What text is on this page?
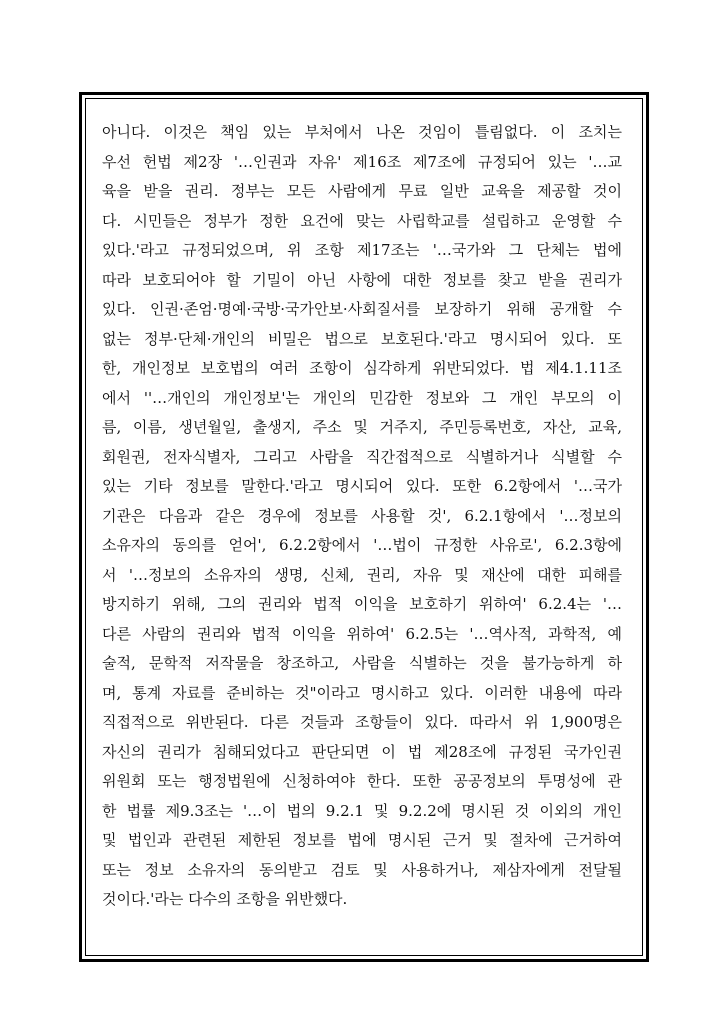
아니다. 이것은 책임 있는 부처에서 나온 것임이 틀림없다. 이 조치는
우선 헌법 제2장 '…인권과 자유' 제16조 제7조에 규정되어 있는 '…교
육을 받을 권리. 정부는 모든 사람에게 무료 일반 교육을 제공할 것이
다. 시민들은 정부가 정한 요건에 맞는 사립학교를 설립하고 운영할 수
있다.'라고 규정되었으며, 위 조항 제17조는 '…국가와 그 단체는 법에
따라 보호되어야 할 기밀이 아닌 사항에 대한 정보를 찾고 받을 권리가
있다. 인권·존엄·명예·국방·국가안보·사회질서를 보장하기 위해 공개할 수
없는 정부·단체·개인의 비밀은 법으로 보호된다.'라고 명시되어 있다. 또
한, 개인정보 보호법의 여러 조항이 심각하게 위반되었다. 법 제4.1.11조
에서 ''…개인의 개인정보'는 개인의 민감한 정보와 그 개인 부모의 이
름, 이름, 생년월일, 출생지, 주소 및 거주지, 주민등록번호, 자산, 교육,
회원권, 전자식별자, 그리고 사람을 직간접적으로 식별하거나 식별할 수
있는 기타 정보를 말한다.'라고 명시되어 있다. 또한 6.2항에서 '…국가
기관은 다음과 같은 경우에 정보를 사용할 것', 6.2.1항에서 '…정보의
소유자의 동의를 얻어', 6.2.2항에서 '…법이 규정한 사유로', 6.2.3항에
서 '…정보의 소유자의 생명, 신체, 권리, 자유 및 재산에 대한 피해를
방지하기 위해, 그의 권리와 법적 이익을 보호하기 위하여' 6.2.4는 '…
다른 사람의 권리와 법적 이익을 위하여' 6.2.5는 '…역사적, 과학적, 예
술적, 문학적 저작물을 창조하고, 사람을 식별하는 것을 불가능하게 하
며, 통계 자료를 준비하는 것"이라고 명시하고 있다. 이러한 내용에 따라
직접적으로 위반된다. 다른 것들과 조항들이 있다. 따라서 위 1,900명은
자신의 권리가 침해되었다고 판단되면 이 법 제28조에 규정된 국가인권
위원회 또는 행정법원에 신청하여야 한다. 또한 공공정보의 투명성에 관
한 법률 제9.3조는 '…이 법의 9.2.1 및 9.2.2에 명시된 것 이외의 개인
및 법인과 관련된 제한된 정보를 법에 명시된 근거 및 절차에 근거하여
또는 정보 소유자의 동의받고 검토 및 사용하거나, 제삼자에게 전달될
것이다.'라는 다수의 조항을 위반했다.
